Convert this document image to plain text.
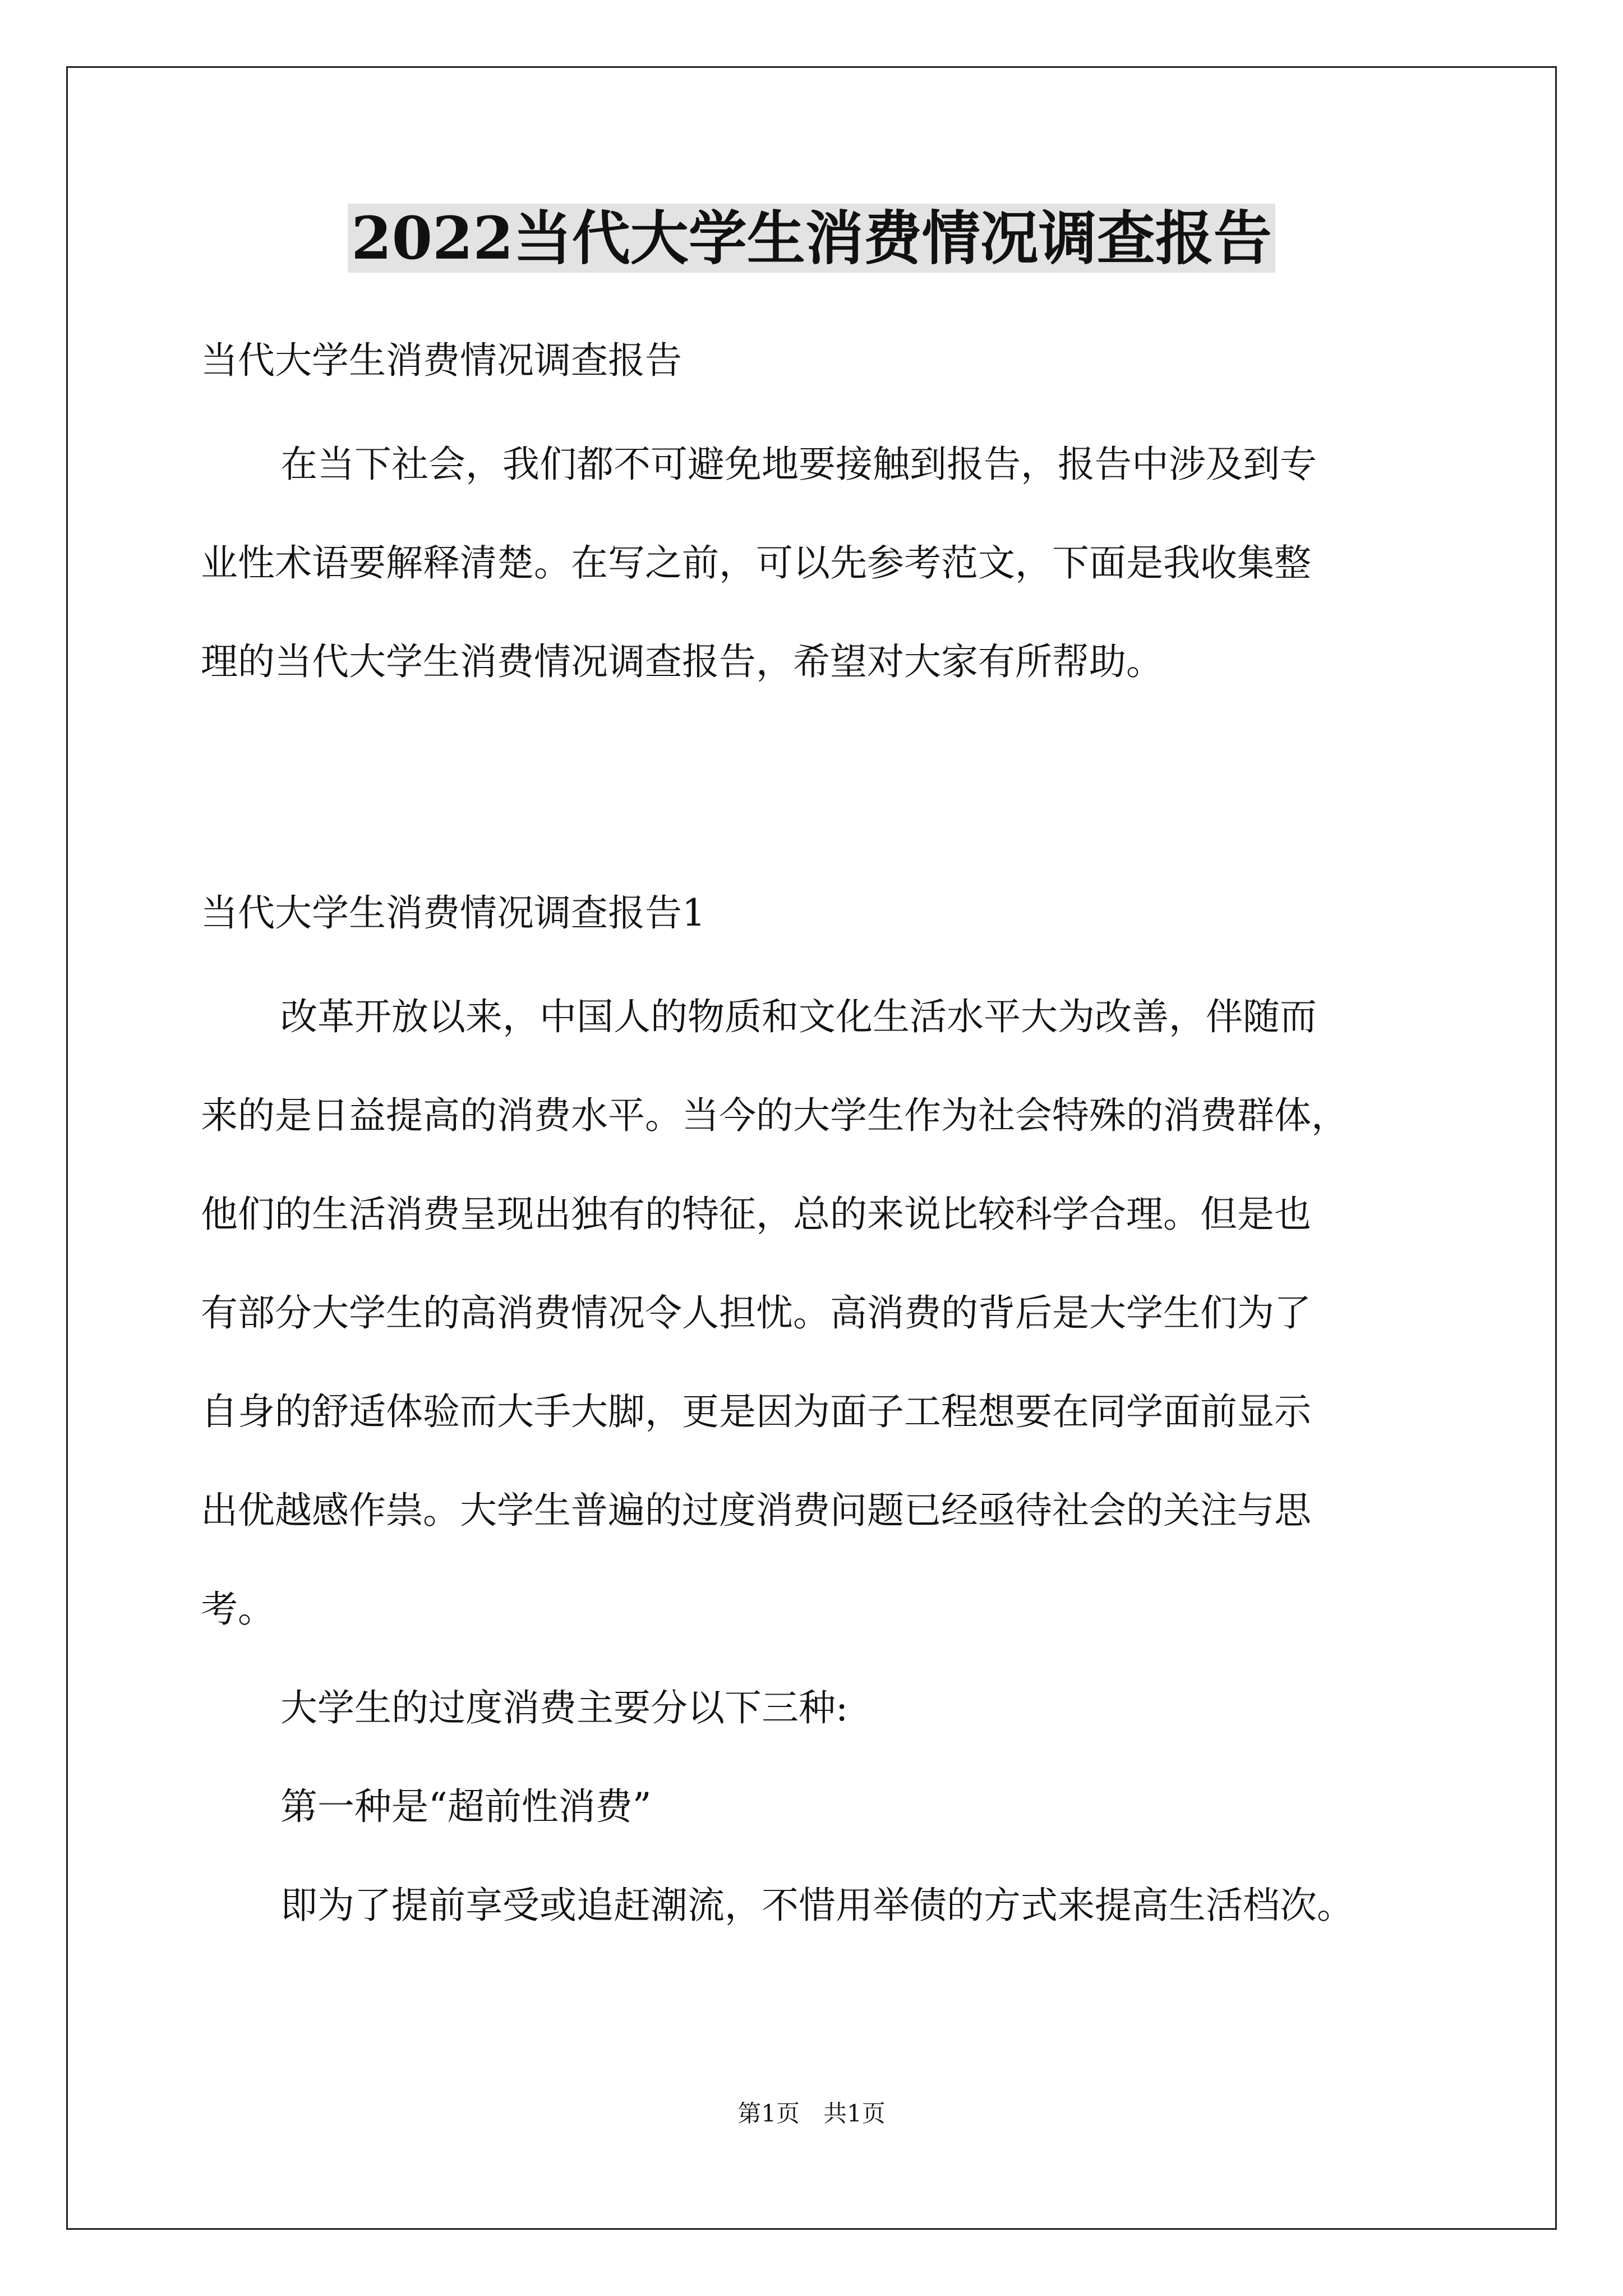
2022当代大学生消费情况调查报告

当代大学生消费情况调查报告

在当下社会，我们都不可避免地要接触到报告，报告中涉及到专

业性术语要解释清楚。在写之前，可以先参考范文，下面是我收集整

理的当代大学生消费情况调查报告，希望对大家有所帮助。

当代大学生消费情况调查报告1

改革开放以来，中国人的物质和文化生活水平大为改善，伴随而

来的是日益提高的消费水平。当今的大学生作为社会特殊的消费群体，

他们的生活消费呈现出独有的特征，总的来说比较科学合理。但是也

有部分大学生的高消费情况令人担忧。高消费的背后是大学生们为了

自身的舒适体验而大手大脚，更是因为面子工程想要在同学面前显示

出优越感作祟。大学生普遍的过度消费问题已经亟待社会的关注与思

考。

大学生的过度消费主要分以下三种:

第一种是“超前性消费”

即为了提前享受或追赶潮流，不惜用举债的方式来提高生活档次。

第1页　共1页
